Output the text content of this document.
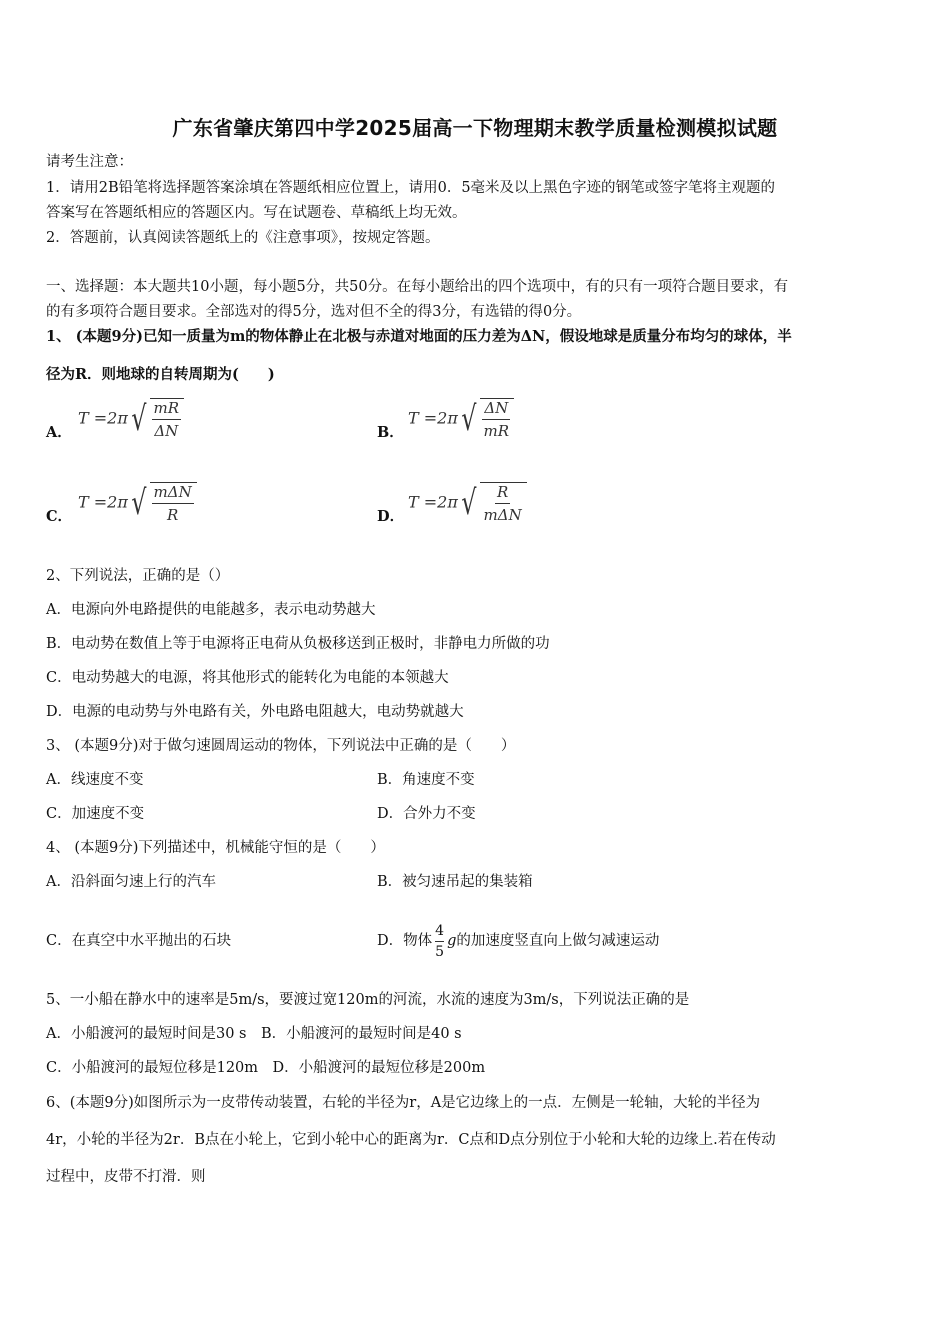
广东省肇庆第四中学2025届高一下物理期末教学质量检测模拟试题
请考生注意：
1．请用2B铅笔将选择题答案涂填在答题纸相应位置上，请用0．5毫米及以上黑色字迹的钢笔或签字笔将主观题的
答案写在答题纸相应的答题区内。写在试题卷、草稿纸上均无效。
2．答题前，认真阅读答题纸上的《注意事项》，按规定答题。
一、选择题：本大题共10小题，每小题5分，共50分。在每小题给出的四个选项中，有的只有一项符合题目要求，有
的有多项符合题目要求。全部选对的得5分，选对但不全的得3分，有选错的得0分。
1、 (本题9分)已知一质量为m的物体静止在北极与赤道对地面的压力差为ΔN，假设地球是质量分布均匀的球体，半
径为R．则地球的自转周期为(　　)
A．
$T =2\pi√ \frac{mR}{\Delta N}$	B．
$T =2\pi√ \frac{\Delta N}{mR}$
C．
$T =2\pi√ \frac{\text{mΔN}}{R}$	D．
$T =2\pi√ \frac{R}{\text{mΔN}}$
2、下列说法，正确的是（）
A．电源向外电路提供的电能越多，表示电动势越大
B．电动势在数值上等于电源将正电荷从负极移送到正极时，非静电力所做的功
C．电动势越大的电源，将其他形式的能转化为电能的本领越大
D．电源的电动势与外电路有关，外电路电阻越大，电动势就越大
3、 (本题9分)对于做匀速圆周运动的物体，下列说法中正确的是（　　）
A．线速度不变	B．角速度不变
C．加速度不变	D．合外力不变
4、 (本题9分)下列描述中，机械能守恒的是（　　）
A．沿斜面匀速上行的汽车	B．被匀速吊起的集装箱
C．在真空中水平抛出的石块	D．物体 $\frac{4}{5}$ g的加速度竖直向上做匀减速运动
5、一小船在静水中的速率是5m/s，要渡过宽120m的河流，水流的速度为3m/s，下列说法正确的是
A．小船渡河的最短时间是30 s　B．小船渡河的最短时间是40 s
C．小船渡河的最短位移是120m　D．小船渡河的最短位移是200m
6、(本题9分)如图所示为一皮带传动装置，右轮的半径为r，A是它边缘上的一点．左侧是一轮轴，大轮的半径为
4r，小轮的半径为2r．B点在小轮上，它到小轮中心的距离为r．C点和D点分别位于小轮和大轮的边缘上.若在传动
过程中，皮带不打滑．则
